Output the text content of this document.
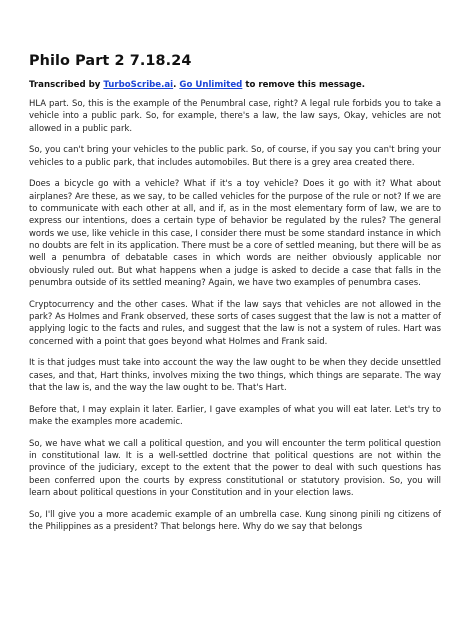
Philo Part 2 7.18.24

Transcribed by TurboScribe.ai. Go Unlimited to remove this message.

HLA part. So, this is the example of the Penumbral case, right? A legal rule forbids you to take a vehicle into a public park. So, for example, there's a law, the law says, Okay, vehicles are not allowed in a public park.

So, you can't bring your vehicles to the public park. So, of course, if you say you can't bring your vehicles to a public park, that includes automobiles. But there is a grey area created there.

Does a bicycle go with a vehicle? What if it's a toy vehicle? Does it go with it? What about airplanes? Are these, as we say, to be called vehicles for the purpose of the rule or not? If we are to communicate with each other at all, and if, as in the most elementary form of law, we are to express our intentions, does a certain type of behavior be regulated by the rules? The general words we use, like vehicle in this case, I consider there must be some standard instance in which no doubts are felt in its application. There must be a core of settled meaning, but there will be as well a penumbra of debatable cases in which words are neither obviously applicable nor obviously ruled out. But what happens when a judge is asked to decide a case that falls in the penumbra outside of its settled meaning? Again, we have two examples of penumbra cases.

Cryptocurrency and the other cases. What if the law says that vehicles are not allowed in the park? As Holmes and Frank observed, these sorts of cases suggest that the law is not a matter of applying logic to the facts and rules, and suggest that the law is not a system of rules. Hart was concerned with a point that goes beyond what Holmes and Frank said.

It is that judges must take into account the way the law ought to be when they decide unsettled cases, and that, Hart thinks, involves mixing the two things, which things are separate. The way that the law is, and the way the law ought to be. That's Hart.

Before that, I may explain it later. Earlier, I gave examples of what you will eat later. Let's try to make the examples more academic.

So, we have what we call a political question, and you will encounter the term political question in constitutional law. It is a well-settled doctrine that political questions are not within the province of the judiciary, except to the extent that the power to deal with such questions has been conferred upon the courts by express constitutional or statutory provision. So, you will learn about political questions in your Constitution and in your election laws.

So, I'll give you a more academic example of an umbrella case. Kung sinong pinili ng citizens of the Philippines as a president? That belongs here. Why do we say that belongs
